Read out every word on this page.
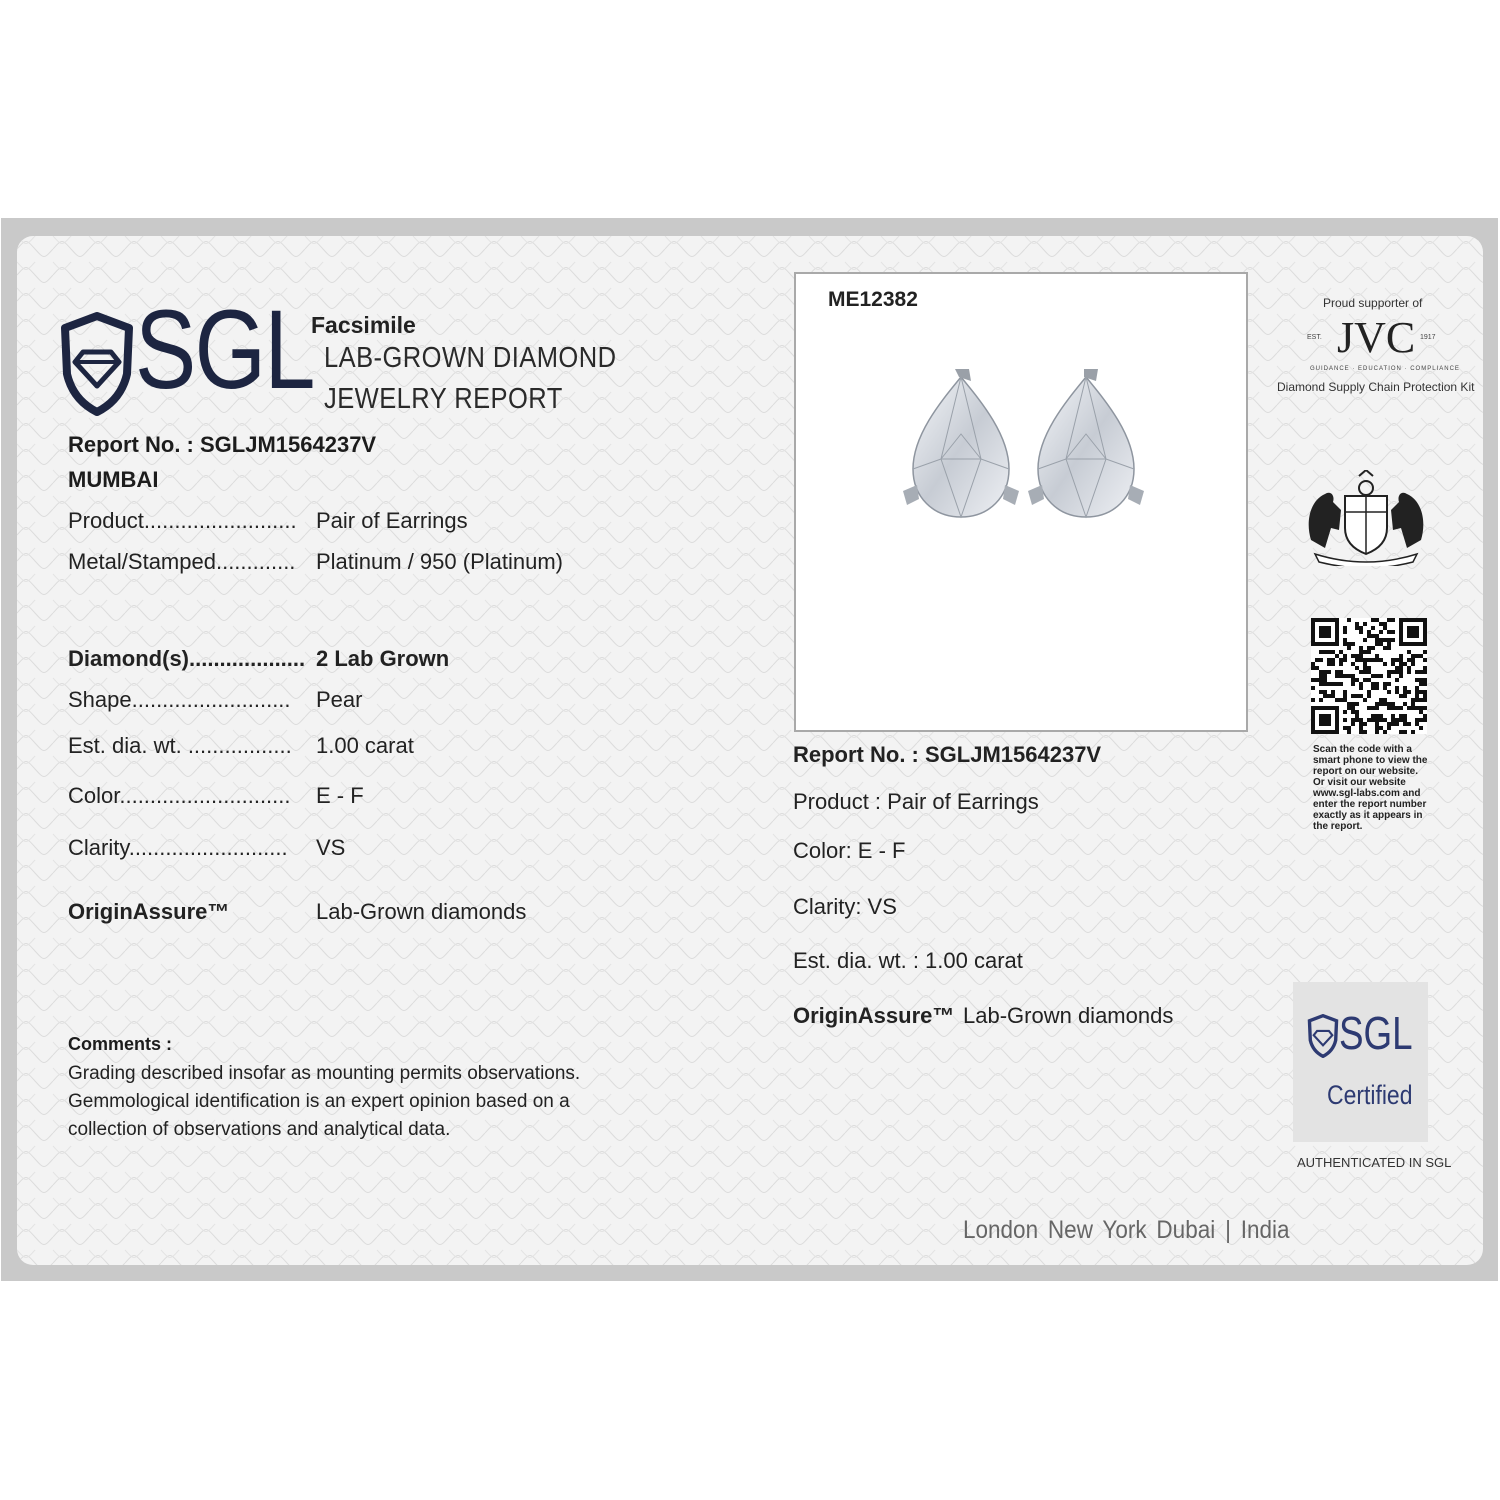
SGL
Facsimile
LAB-GROWN DIAMOND
JEWELRY REPORT
Report No. : SGLJM1564237V
MUMBAI
Product......................... Pair of Earrings
Metal/Stamped............. Platinum / 950 (Platinum)
Diamond(s)................... 2 Lab Grown
Shape.......................... Pear
Est. dia. wt. ................. 1.00 carat
Color............................ E - F
Clarity.......................... VS
OriginAssure™	Lab-Grown diamonds
Comments :
Grading described insofar as mounting permits observations. Gemmological identification is an expert opinion based on a collection of observations and analytical data.
ME12382
Report No. : SGLJM1564237V
Product : Pair of Earrings
Color: E - F
Clarity: VS
Est. dia. wt. : 1.00 carat
OriginAssure™ Lab-Grown diamonds
Proud supporter of
JVC
EST.	1917
GUIDANCE · EDUCATION · COMPLIANCE
Diamond Supply Chain Protection Kit
Scan the code with a smart phone to view the report on our website. Or visit our website www.sgl-labs.com and enter the report number exactly as it appears in the report.
SGL
Certified
AUTHENTICATED IN SGL
London New York Dubai | India
